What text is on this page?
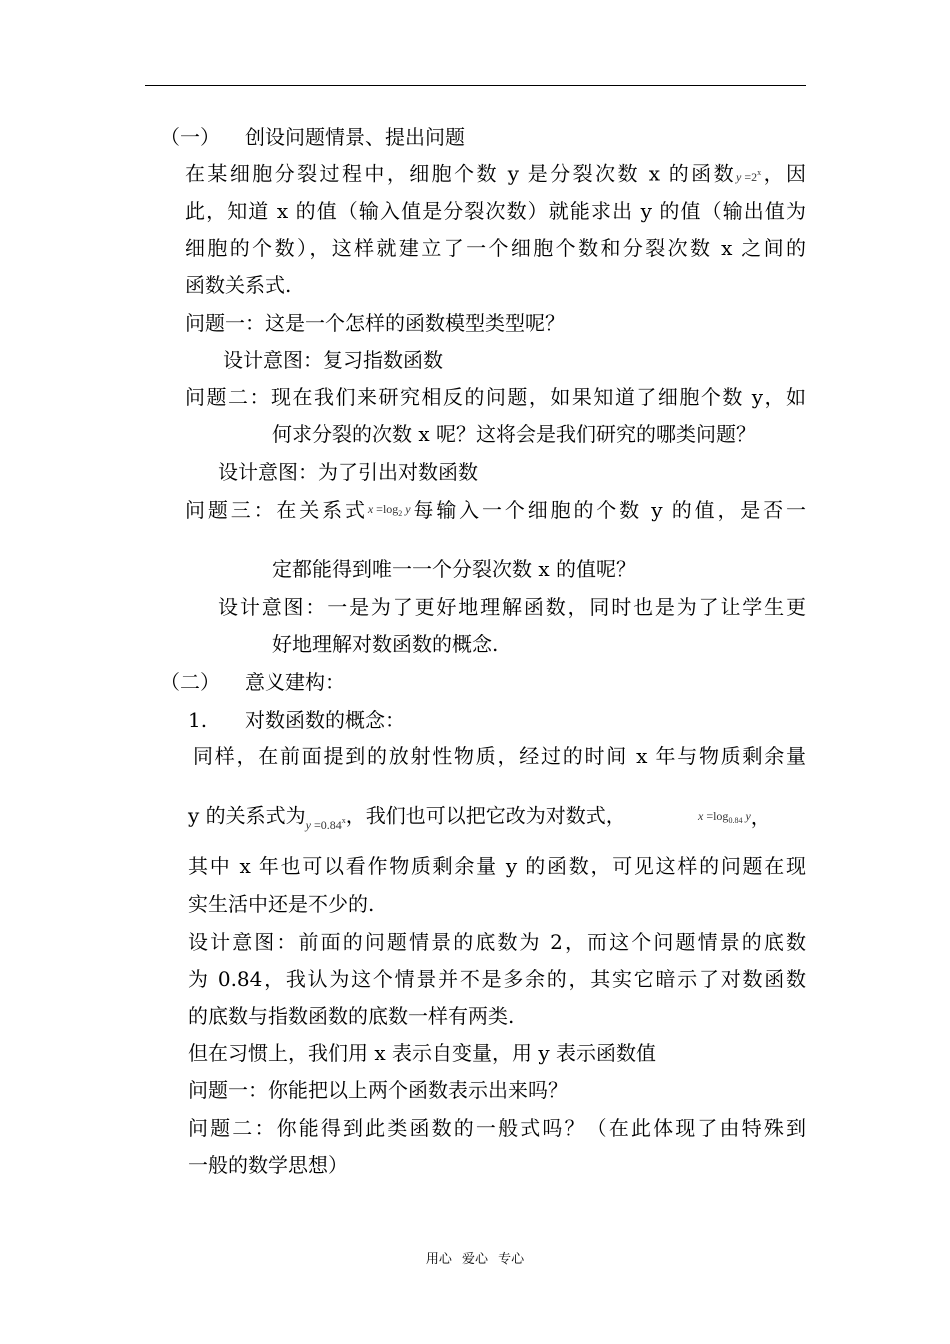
（一） 创设问题情景、提出问题
在某细胞分裂过程中，细胞个数 y 是分裂次数 x 的函数$y =2^x$，因
此，知道 x 的值（输入值是分裂次数）就能求出 y 的值（输出值为
细胞的个数），这样就建立了一个细胞个数和分裂次数 x 之间的
函数关系式.
问题一：这是一个怎样的函数模型类型呢？
设计意图：复习指数函数
问题二：现在我们来研究相反的问题，如果知道了细胞个数 y，如
何求分裂的次数 x 呢？这将会是我们研究的哪类问题？
设计意图：为了引出对数函数
问题三：在关系式$x =\log_2$ y每输入一个细胞的个数 y 的值，是否一
定都能得到唯一一个分裂次数 x 的值呢？
设计意图：一是为了更好地理解函数，同时也是为了让学生更
好地理解对数函数的概念.
（二） 意义建构：
1. 对数函数的概念：
同样，在前面提到的放射性物质，经过的时间 x 年与物质剩余量
y 的关系式为$y =0.84^x$，我们也可以把它改为对数式，	$x =\log_{0.84}$ y，
其中 x 年也可以看作物质剩余量 y 的函数，可见这样的问题在现
实生活中还是不少的.
设计意图：前面的问题情景的底数为 2，而这个问题情景的底数
为 0.84，我认为这个情景并不是多余的，其实它暗示了对数函数
的底数与指数函数的底数一样有两类.
但在习惯上，我们用 x 表示自变量，用 y 表示函数值
问题一：你能把以上两个函数表示出来吗？
问题二：你能得到此类函数的一般式吗？（在此体现了由特殊到
一般的数学思想）
用心 爱心 专心
